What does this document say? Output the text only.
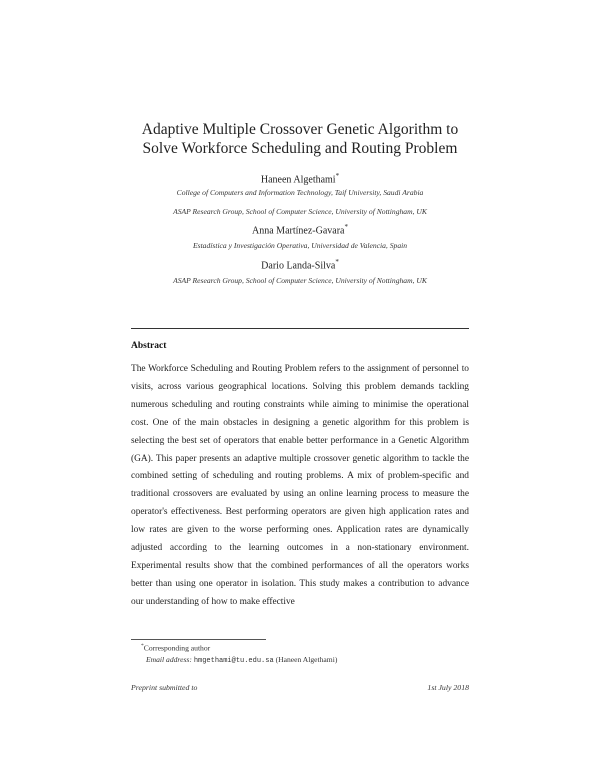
Adaptive Multiple Crossover Genetic Algorithm to
Solve Workforce Scheduling and Routing Problem
Haneen Algethami*
College of Computers and Information Technology, Taif University, Saudi Arabia
ASAP Research Group, School of Computer Science, University of Nottingham, UK
Anna Martínez-Gavara*
Estadística y Investigación Operativa, Universidad de Valencia, Spain
Dario Landa-Silva*
ASAP Research Group, School of Computer Science, University of Nottingham, UK
Abstract
The Workforce Scheduling and Routing Problem refers to the assignment of personnel to visits, across various geographical locations. Solving this problem demands tackling numerous scheduling and routing constraints while aiming to minimise the operational cost. One of the main obstacles in designing a genetic algorithm for this problem is selecting the best set of operators that enable better performance in a Genetic Algorithm (GA). This paper presents an adaptive multiple crossover genetic algorithm to tackle the combined setting of scheduling and routing problems. A mix of problem-specific and traditional crossovers are evaluated by using an online learning process to measure the operator's effectiveness. Best performing operators are given high application rates and low rates are given to the worse performing ones. Application rates are dynamically adjusted according to the learning outcomes in a non-stationary environment. Experimental results show that the combined performances of all the operators works better than using one operator in isolation. This study makes a contribution to advance our understanding of how to make effective
*Corresponding author
Email address: hmgethami@tu.edu.sa (Haneen Algethami)
Preprint submitted to	1st July 2018
